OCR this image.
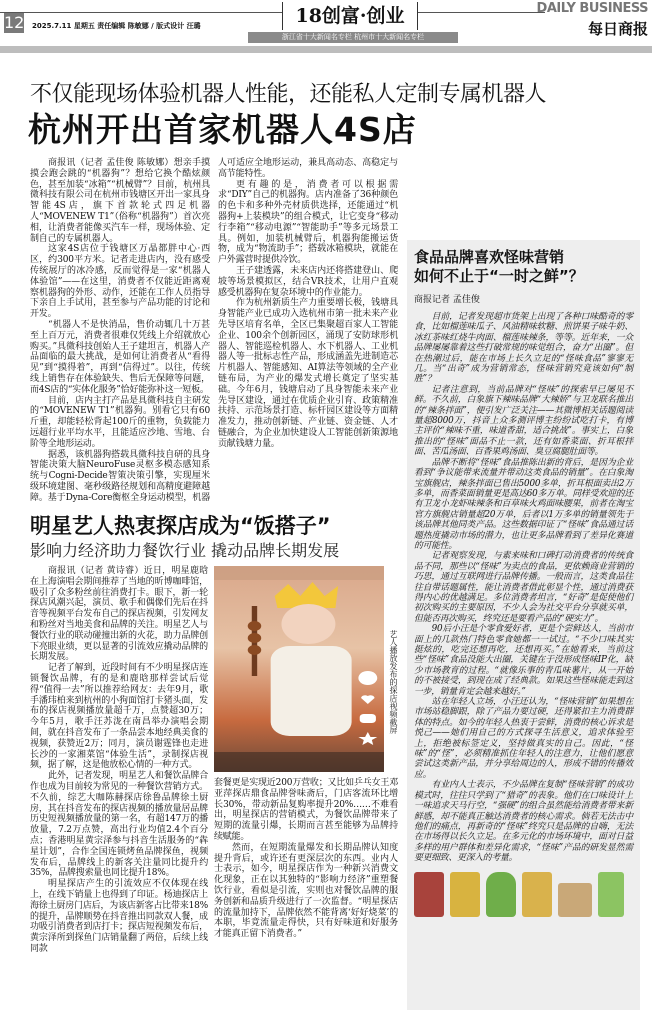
12 2025.7.11 星期五 责任编辑 陈敏娜 / 版式设计 汪璐	18创富·创业
浙江省十大新闻名专栏 杭州市十大新闻名专栏
DAILY BUSINESS
每日商报
不仅能现场体验机器人性能，还能私人定制专属机器人
杭州开出首家机器人4S店

商报讯（记者 孟佳俊 陈敏娜）想亲手摸摸会跑会跳的“机器狗”？想给它换个酷炫颜色，甚至加装“冰箱”“机械臂”？目前，杭州具微科技有限公司在杭州市钱塘区开出一家具身智能4S店，旗下首款轮式四足机器人“MOVENEW T1”（俗称“机器狗”）首次亮相，让消费者能像买汽车一样，现场体验、定制自己的专属机器人。

这家4S店位于钱塘区万晶都胖中心·西区，约300平方米。记者走进店内，没有感受传统展厅的冰冷感，反而觉得是一家“机器人体验馆”——在这里，消费者不仅能近距离观察机器狗的外形、动作，还能在工作人员指导下亲自上手试用，甚至参与产品功能的讨论和开发。

“机器人不是快消品，售价动辄几十万甚至上百万元，消费者很难仅凭线上介绍就放心购买。”具微科技创始人王子建坦言，机器人产品面临的最大挑战，是如何让消费者从“看得见”到“摸得着”，再到“信得过”。以往，传统线上销售存在体验缺失、售后无保障等问题，而4S店的“实体化服务”恰好能弥补这一短板。

目前，店内主打产品是具微科技自主研发的“MOVENEW T1”机器狗。别看它只有60斤重，却能轻松背起100斤的重物，负载能力远超行业平均水平，且能适应沙地、雪地、台阶等全地形运动。

据悉，该机器狗搭载具微科技自研的具身智能决策大脑NeuroFuse灵枢多模态感知系统与Cogni-Decide智策决策引擎，实现厘米级环境建图、毫秒级路径规划和高精度避障越障。基于Dyna-Core衡枢全身运动模型，机器人可适应全地形运动，兼具高动态、高稳定与高节能特性。

更有趣的是，消费者可以根据需求“DIY”自己的机器狗。店内准备了36种颜色的色卡和多种外壳材质供选择，还能通过“机器狗+上装模块”的组合模式，让它变身“移动行李箱”“移动电源”“智能助手”等多元场景工具。例如，加装机械臂后，机器狗能搬运货物，成为“物流助手”；搭载冰箱模块，就能在户外露营时提供冷饮。

王子建透露，未来店内还将搭建登山、爬坡等场景模拟区，结合VR技术，让用户直观感受机器狗在复杂环境中的作业能力。

作为杭州新质生产力重要增长极，钱塘具身智能产业已成功入选杭州市第一批未来产业先导区培育名单，全区已集聚超百家人工智能企业、100余个创新园区，涌现了安防球形机器人、智能巡检机器人、水下机器人、工业机器人等一批标志性产品，形成涵盖先进制造芯片机器人、智能感知、AI算法等领域的全产业链布局，为产业的爆发式增长奠定了坚实基础。今年6月，钱塘启动了具身智能未来产业先导区建设，通过在优质企业引育、政策精准扶持、示范场景打造、标杆园区建设等方面精准发力，推动创新链、产业链、资金链、人才链融合，为企业加快建设人工智能创新策源地贡献钱塘力量。

明星艺人热衷探店成为“饭搭子”
影响力经济助力餐饮行业 撬动品牌长期发展

商报讯（记者 黄诗睿）近日，明星鹿晗在上海演唱会期间推荐了当地的昕博咖啡馆，吸引了众多粉丝前往消费打卡。眼下，新一轮探店风潮兴起，演员、歌手和偶像们先后在抖音等视频平台发布自己的探店视频，引发网友和粉丝对当地美食和品牌的关注。明星艺人与餐饮行业的联动碰撞出新的火花，助力品牌创下亮眼业绩，更以显著的引流效应撬动品牌的长期发展。

记者了解到，近段时间有不少明星探店连锁餐饮品牌，有的是和鹿晗那样尝试后觉得“值得一去”所以推荐给网友：去年9月，歌手潘玮柏来到杭州的小狗面馆打卡猪头面，发布的探店视频播放量超千万，点赞超30万；今年5月，歌手汪苏泷在南昌举办演唱会期间，就在抖音发布了一条品尝本地经典美食的视频，获赞近2万；同月，演员谢霆锋也走进长沙的一家湘菜馆“体验生活”，录制探店视频，据了解，这是他放松心情的一种方式。

此外，记者发现，明星艺人和餐饮品牌合作也成为目前较为常见的一种餐饮营销方式。不久前，综艺大咖陈赫探店徐鲁品牌徐土厨房，其在抖音发布的探店视频的播放量居品牌历史短视频播放量的第一名，有超147万的播放量，7.2万点赞，高出行业均值2.4个百分点；香港明星黄宗泽参与抖音生活服务的“犇星计划”，合作全国连锁烤鱼品牌探鱼，视频发布后，品牌线上的新客关注量同比提升约35%，品牌搜索量也同比提升18%。

明星探店产生的引流效应不仅体现在线上，在线下销量上也得到了印证。杨迪探店上海徐土厨房门店后，为该店新客占比带来18%的提升，品牌顺势在抖音推出同款双人餐，成功吸引消费者到店打卡；探店短视频发布后，黄宗泽所到探鱼门店销量翻了两倍，后续上线同款

艺人播放发布的探店视频截屏

套餐更是实现近200万营收；又比如乒乓女王邓亚萍探店鼎食品牌誉味斋后，门店客流环比增长30%，带动新品复购率提升20%……不难看出，明星探店的营销模式，为餐饮品牌带来了短期的流量引爆，长期而言甚至能够为品牌持续赋能。

然而，在短期流量爆发和长期品牌认知度提升背后，或许还有更深层次的东西。业内人士表示，如今，明星探店作为一种新兴消费文化现象，正在以其独特的“影响力经济”重塑餐饮行业，看似是引流，实则也对餐饮品牌的服务创新和品质升级进行了一次监督。“明星探店的流量加持下，品牌依然不能背离‘好好烧菜’的本职，毕竟流量走得快，只有好味道和好服务才能真正留下消费者。”

食品品牌喜欢怪味营销 如何不止于“一时之鲜”？
商报记者 孟佳俊

目前，记者发现超市货架上出现了各种口味酷奇的零食，比如榴莲味瓜子、风油精味软糖、煎饼果子味牛奶、冰红茶味红烧牛肉面、榴莲味辣条，等等。近年来，一众品牌屡屡靠着这些打破常规的味觉组合，奋力“出圈”。但在热潮过后，能在市场上长久立足的“怪味食品”寥寥无几。当“出奇”成为营销常态，怪味营销究竟该如何“制胜”？

记者注意到，当前品牌对“怪味”的探索早已屡见不鲜。不久前，白象旗下辣味品牌“大辣娇”与卫龙联名推出的“辣条拌面”，便引发广泛关注——其微博相关话题阅读量超8000万，抖音上众多测评博主纷纷试吃打卡，有博主评价“辣味不重，味道香甜，适合挑战”。事实上，白象推出的“怪味”面品不止一款，还有如香菜面、折耳根拌面、苦瓜汤面、百香果鸡汤面、臭豆腐腿肚面等。

品牌不断将“怪味”食品推陈出新的背后，是因为企业看到“争议能带来流量并带动这类食品的销量”。在白象淘宝旗舰店，辣条拌面已售出5000多单，折耳根面卖出2万多单，而香菜面销量更是高达60多万单。同样受欢迎的还有卫龙小龙虾味辣条和百草味火鸡面味腰果，前者在淘宝官方旗舰店销量超20万单，后者以1万多单的销量领先于该品牌其他同类产品。这些数据印证了“怪味”食品通过话题热度撬动市场的潜力，也让更多品牌看到了差异化赛道的可能性。

记者观察发现，与素来味和口碑打动消费者的传统食品不同，那些以“怪味”为卖点的食品，更依赖商业营销的巧思，通过互联网进行品牌传播。一般而言，这类食品往往自带话题属性，能让消费者借此彰显个性，通过消费获得内心的优越满足。多位消费者坦言，“好奇”是促使他们初次购买的主要原因，不少人会为社交平台分享就买单，但能否再次购买，终究还是要看产品的“硬实力”。

90后小汪是个零食爱好者，更是个尝鲜达人，当前市面上的几款热门特色零食她都一一试过。“不少口味其实挺炫的，吃完还想再吃，还想再买。”在她看来，当前这些“怪味”食品没能大出圈，关键在于没形成怪味IP化，缺少市场教育的过程。“就像乐事的青瓜味薯片，从一开始的不被接受，到现在成了经典款。如果这些怪味能走到这一步，销量肯定会越来越好。”

站在年轻人立场，小汪还认为，“怪味营销”如果想在市场站稳脚跟，除了产品力要过硬，还得紧扣主力消费群体的特点。如今的年轻人热衷于尝鲜，消费的核心诉求是悦己——她们用自己的方式探寻生活意义，追求体验至上，拒绝被标签定义，坚持做真实的自己。因此，“怪味”的“怪”，必须精准抓住年轻人的注意力，让他们愿意尝试这类新产品，并分享给周边的人，形成不错的传播效应。

有业内人士表示，不少品牌在复制“怪味营销”的成功模式时，往往只学到了“猎奇”的表象。他们在口味设计上一味追求天马行空，“强硬”的组合虽然能给消费者带来新鲜感，却不能真正触达消费者的核心需求。倘若无法击中他们的痛点，再新奇的“怪味”终究只是品牌的自嗨，无法在市场得以长久立足。在多元化的市场环境中，面对日益多样的用户群体和差异化需求，“怪味”产品的研发显然需要更细致、更深入的考量。
